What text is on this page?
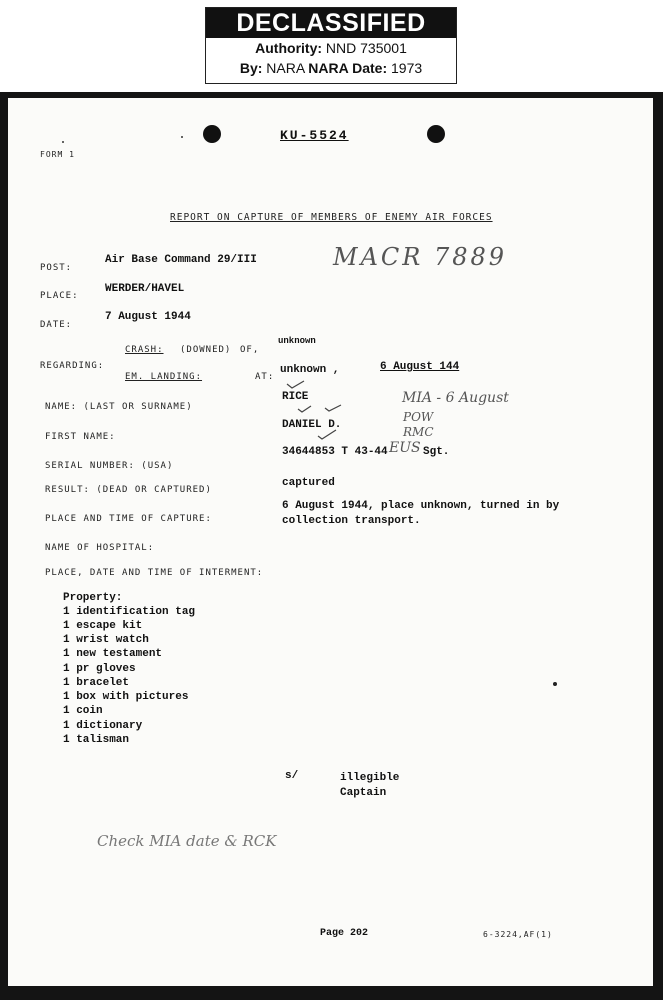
DECLASSIFIED
Authority: NND 735001
By: NARA NARA Date: 1973
KU-5524
FORM 1
REPORT ON CAPTURE OF MEMBERS OF ENEMY AIR FORCES
MACR 7889
POST:
Air Base Command 29/III
PLACE:
WERDER/HAVEL
DATE:
7 August 1944
REGARDING:
CRASH: (DOWNED) OF,
unknown
EM. LANDING:	AT:
unknown ,	6 August 144
NAME: (LAST OR SURNAME)
RICE	MIA - 6 August
FIRST NAME:
DANIEL D.
POW
RMC
SERIAL NUMBER: (USA)
34644853 T 43-44 EUS Sgt.
RESULT: (DEAD OR CAPTURED)
captured
PLACE AND TIME OF CAPTURE:
6 August 1944, place unknown, turned in by
collection transport.
NAME OF HOSPITAL:
PLACE, DATE AND TIME OF INTERMENT:
Property:
1 identification tag
1 escape kit
1 wrist watch
1 new testament
1 pr gloves
1 bracelet
1 box with pictures
1 coin
1 dictionary
1 talisman
s/	illegible
Captain
Check MIA date & RCK
Page 202	6-3224,AF(1)
